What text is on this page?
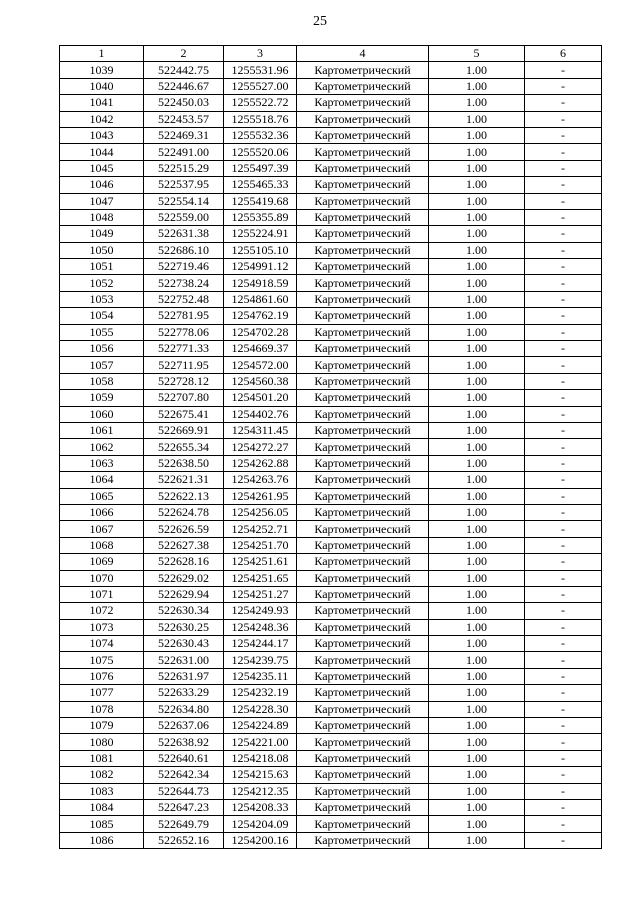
25
1	2	3	4	5	6
1039	522442.75	1255531.96	Картометрический	1.00	-
1040	522446.67	1255527.00	Картометрический	1.00	-
1041	522450.03	1255522.72	Картометрический	1.00	-
1042	522453.57	1255518.76	Картометрический	1.00	-
1043	522469.31	1255532.36	Картометрический	1.00	-
1044	522491.00	1255520.06	Картометрический	1.00	-
1045	522515.29	1255497.39	Картометрический	1.00	-
1046	522537.95	1255465.33	Картометрический	1.00	-
1047	522554.14	1255419.68	Картометрический	1.00	-
1048	522559.00	1255355.89	Картометрический	1.00	-
1049	522631.38	1255224.91	Картометрический	1.00	-
1050	522686.10	1255105.10	Картометрический	1.00	-
1051	522719.46	1254991.12	Картометрический	1.00	-
1052	522738.24	1254918.59	Картометрический	1.00	-
1053	522752.48	1254861.60	Картометрический	1.00	-
1054	522781.95	1254762.19	Картометрический	1.00	-
1055	522778.06	1254702.28	Картометрический	1.00	-
1056	522771.33	1254669.37	Картометрический	1.00	-
1057	522711.95	1254572.00	Картометрический	1.00	-
1058	522728.12	1254560.38	Картометрический	1.00	-
1059	522707.80	1254501.20	Картометрический	1.00	-
1060	522675.41	1254402.76	Картометрический	1.00	-
1061	522669.91	1254311.45	Картометрический	1.00	-
1062	522655.34	1254272.27	Картометрический	1.00	-
1063	522638.50	1254262.88	Картометрический	1.00	-
1064	522621.31	1254263.76	Картометрический	1.00	-
1065	522622.13	1254261.95	Картометрический	1.00	-
1066	522624.78	1254256.05	Картометрический	1.00	-
1067	522626.59	1254252.71	Картометрический	1.00	-
1068	522627.38	1254251.70	Картометрический	1.00	-
1069	522628.16	1254251.61	Картометрический	1.00	-
1070	522629.02	1254251.65	Картометрический	1.00	-
1071	522629.94	1254251.27	Картометрический	1.00	-
1072	522630.34	1254249.93	Картометрический	1.00	-
1073	522630.25	1254248.36	Картометрический	1.00	-
1074	522630.43	1254244.17	Картометрический	1.00	-
1075	522631.00	1254239.75	Картометрический	1.00	-
1076	522631.97	1254235.11	Картометрический	1.00	-
1077	522633.29	1254232.19	Картометрический	1.00	-
1078	522634.80	1254228.30	Картометрический	1.00	-
1079	522637.06	1254224.89	Картометрический	1.00	-
1080	522638.92	1254221.00	Картометрический	1.00	-
1081	522640.61	1254218.08	Картометрический	1.00	-
1082	522642.34	1254215.63	Картометрический	1.00	-
1083	522644.73	1254212.35	Картометрический	1.00	-
1084	522647.23	1254208.33	Картометрический	1.00	-
1085	522649.79	1254204.09	Картометрический	1.00	-
1086	522652.16	1254200.16	Картометрический	1.00	-
